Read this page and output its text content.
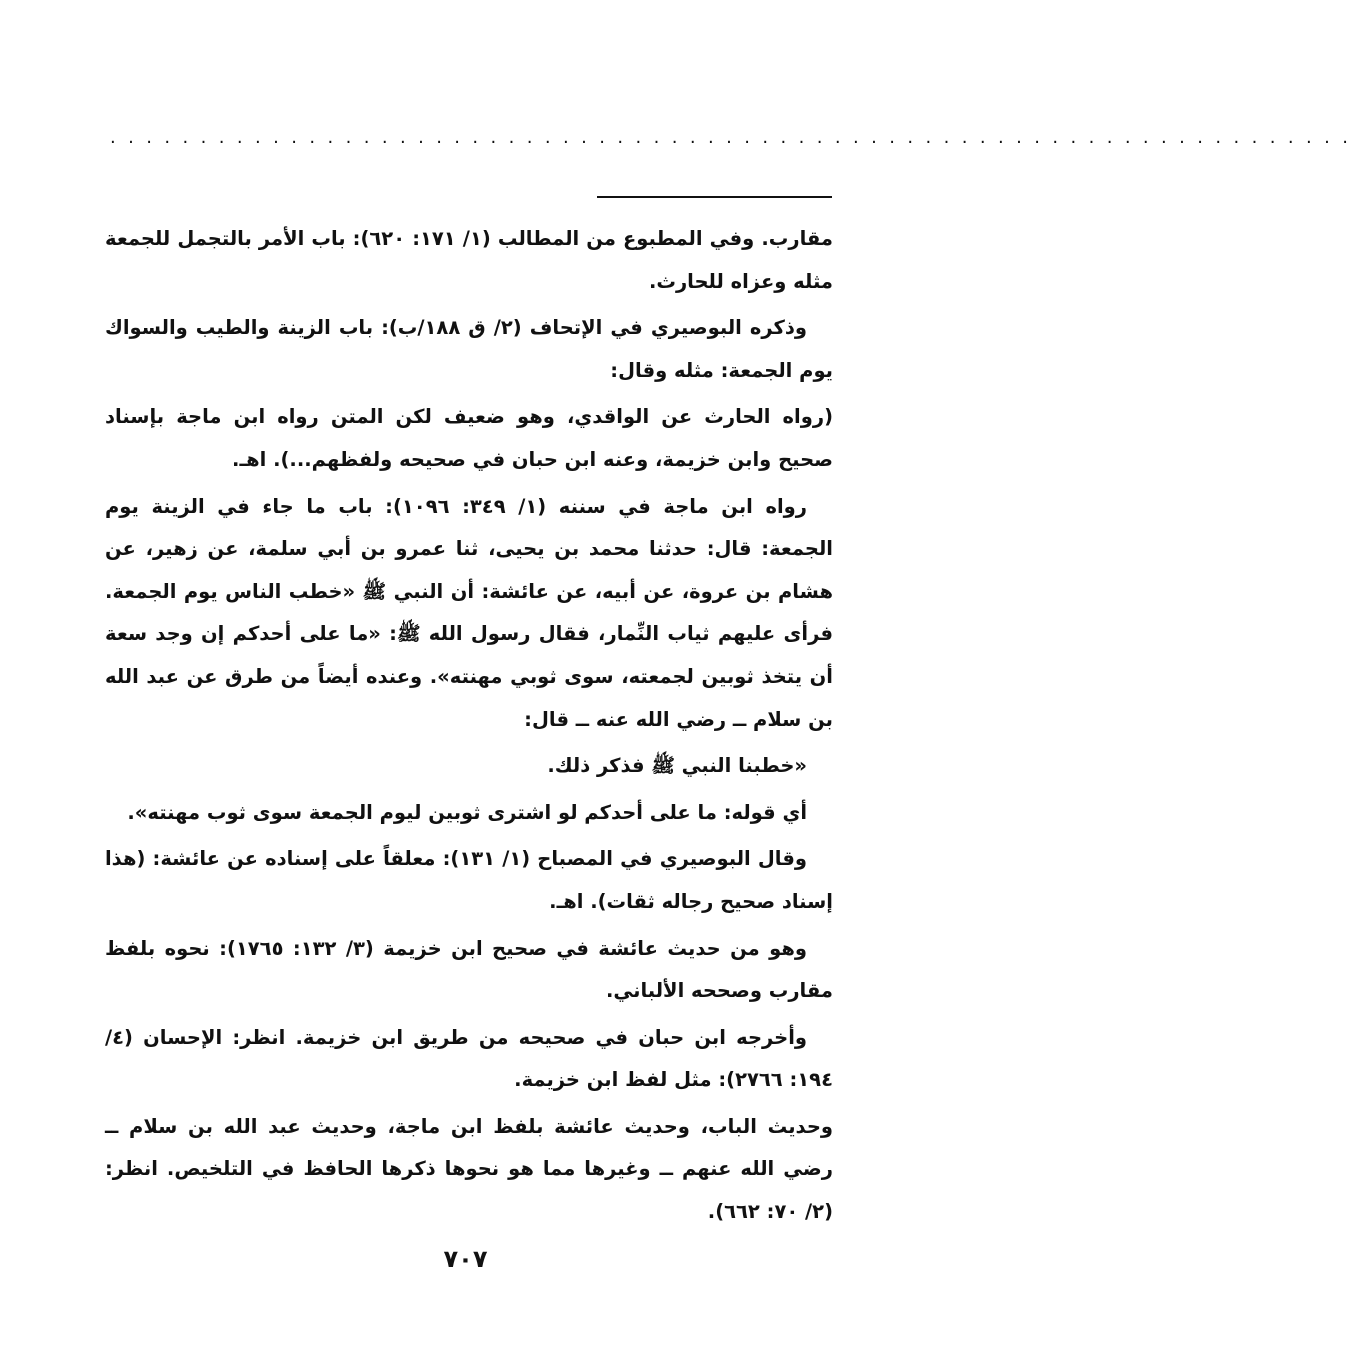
.....................................................................

مقارب. وفي المطبوع من المطالب (١/ ١٧١: ٦٢٠): باب الأمر بالتجمل للجمعة مثله وعزاه للحارث.

وذكره البوصيري في الإتحاف (٢/ ق ١٨٨/ب): باب الزينة والطيب والسواك يوم الجمعة: مثله وقال:

(رواه الحارث عن الواقدي، وهو ضعيف لكن المتن رواه ابن ماجة بإسناد صحيح وابن خزيمة، وعنه ابن حبان في صحيحه ولفظهم...). اهـ.

رواه ابن ماجة في سننه (١/ ٣٤٩: ١٠٩٦): باب ما جاء في الزينة يوم الجمعة: قال: حدثنا محمد بن يحيى، ثنا عمرو بن أبي سلمة، عن زهير، عن هشام بن عروة، عن أبيه، عن عائشة: أن النبي ﷺ «خطب الناس يوم الجمعة. فرأى عليهم ثياب النِّمار، فقال رسول الله ﷺ: «ما على أحدكم إن وجد سعة أن يتخذ ثوبين لجمعته، سوى ثوبي مهنته». وعنده أيضاً من طرق عن عبد الله بن سلام ــ رضي الله عنه ــ قال:

«خطبنا النبي ﷺ فذكر ذلك.

أي قوله: ما على أحدكم لو اشترى ثوبين ليوم الجمعة سوى ثوب مهنته».

وقال البوصيري في المصباح (١/ ١٣١): معلقاً على إسناده عن عائشة: (هذا إسناد صحيح رجاله ثقات). اهـ.

وهو من حديث عائشة في صحيح ابن خزيمة (٣/ ١٣٢: ١٧٦٥): نحوه بلفظ مقارب وصححه الألباني.

وأخرجه ابن حبان في صحيحه من طريق ابن خزيمة. انظر: الإحسان (٤/ ١٩٤: ٢٧٦٦): مثل لفظ ابن خزيمة.

وحديث الباب، وحديث عائشة بلفظ ابن ماجة، وحديث عبد الله بن سلام ــ رضي الله عنهم ــ وغيرها مما هو نحوها ذكرها الحافظ في التلخيص. انظر: (٢/ ٧٠: ٦٦٢).

٧٠٧
